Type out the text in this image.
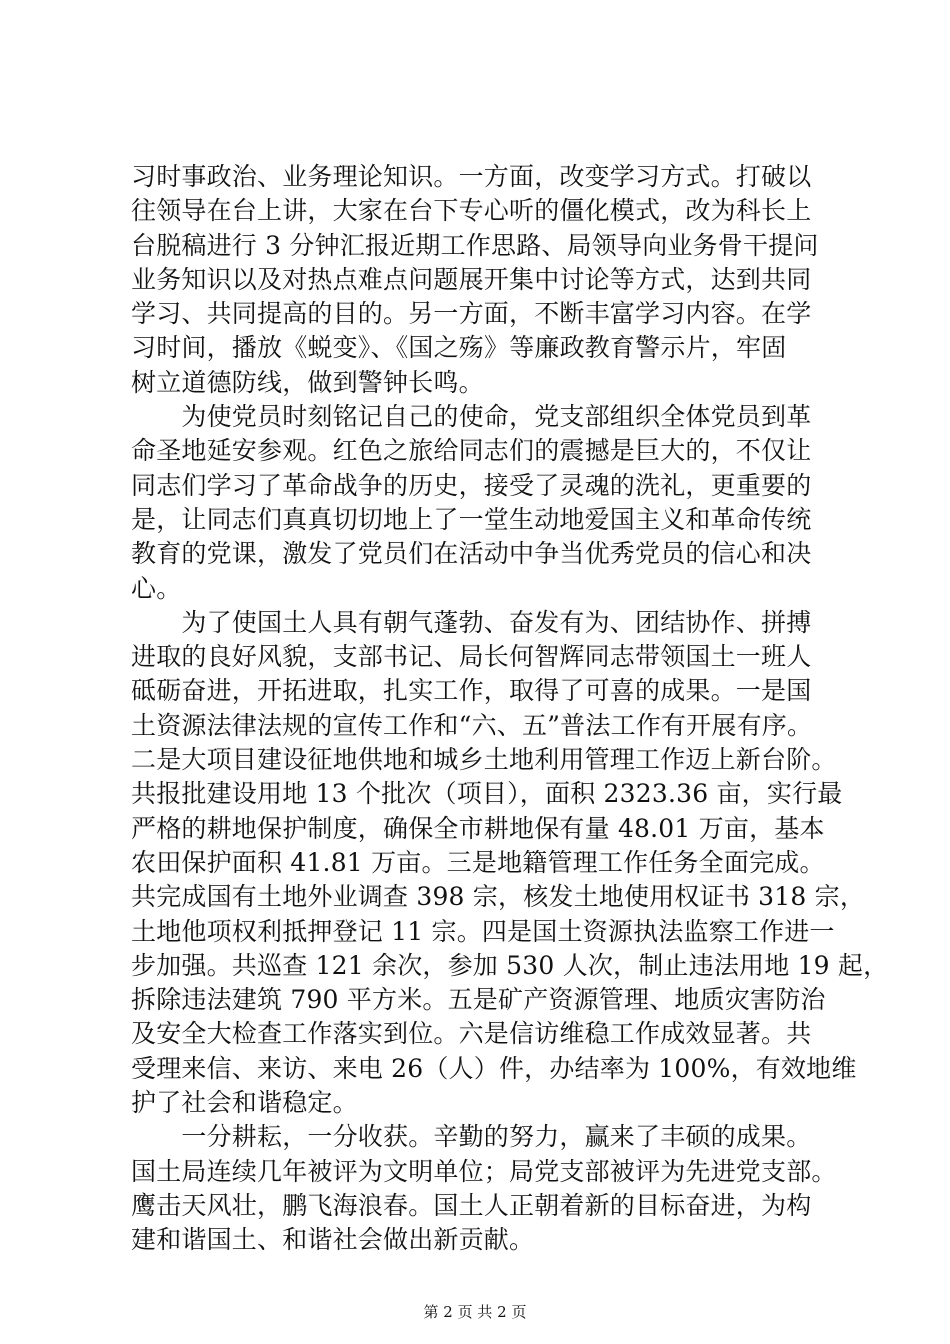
习时事政治、业务理论知识。一方面，改变学习方式。打破以
往领导在台上讲，大家在台下专心听的僵化模式，改为科长上
台脱稿进行 3 分钟汇报近期工作思路、局领导向业务骨干提问
业务知识以及对热点难点问题展开集中讨论等方式，达到共同
学习、共同提高的目的。另一方面，不断丰富学习内容。在学
习时间，播放《蜕变》、《国之殇》等廉政教育警示片，牢固
树立道德防线，做到警钟长鸣。
　　为使党员时刻铭记自己的使命，党支部组织全体党员到革
命圣地延安参观。红色之旅给同志们的震撼是巨大的，不仅让
同志们学习了革命战争的历史，接受了灵魂的洗礼，更重要的
是，让同志们真真切切地上了一堂生动地爱国主义和革命传统
教育的党课，激发了党员们在活动中争当优秀党员的信心和决
心。
　　为了使国土人具有朝气蓬勃、奋发有为、团结协作、拼搏
进取的良好风貌，支部书记、局长何智辉同志带领国土一班人
砥砺奋进，开拓进取，扎实工作，取得了可喜的成果。一是国
土资源法律法规的宣传工作和“六、五”普法工作有开展有序。
二是大项目建设征地供地和城乡土地利用管理工作迈上新台阶。
共报批建设用地 13 个批次（项目），面积 2323.36 亩，实行最
严格的耕地保护制度，确保全市耕地保有量 48.01 万亩，基本
农田保护面积 41.81 万亩。三是地籍管理工作任务全面完成。
共完成国有土地外业调查 398 宗，核发土地使用权证书 318 宗，
土地他项权利抵押登记 11 宗。四是国土资源执法监察工作进一
步加强。共巡查 121 余次，参加 530 人次，制止违法用地 19 起，
拆除违法建筑 790 平方米。五是矿产资源管理、地质灾害防治
及安全大检查工作落实到位。六是信访维稳工作成效显著。共
受理来信、来访、来电 26（人）件，办结率为 100%，有效地维
护了社会和谐稳定。
　　一分耕耘，一分收获。辛勤的努力，赢来了丰硕的成果。
国土局连续几年被评为文明单位；局党支部被评为先进党支部。
鹰击天风壮，鹏飞海浪春。国土人正朝着新的目标奋进，为构
建和谐国土、和谐社会做出新贡献。
第 2 页 共 2 页
